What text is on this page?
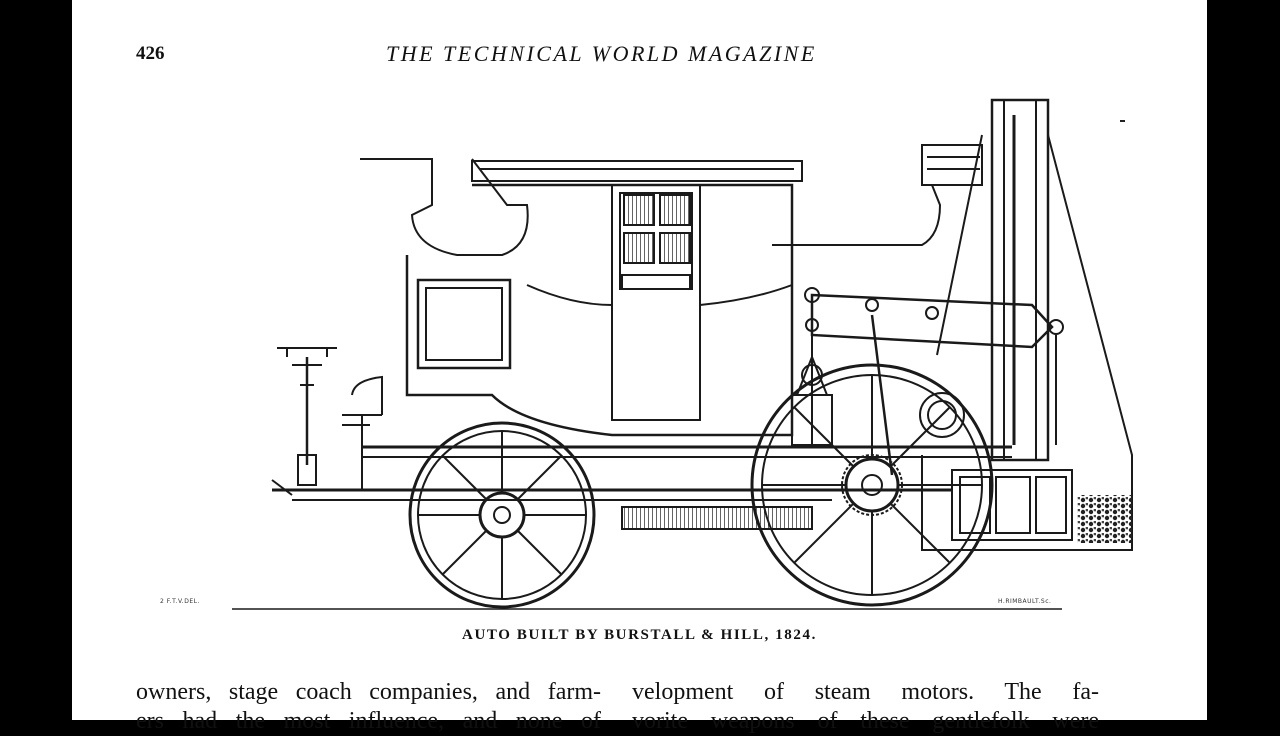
426	THE TECHNICAL WORLD MAGAZINE
2 F.T.V.DEL.	H.RIMBAULT.Sc.
AUTO BUILT BY BURSTALL & HILL, 1824.
owners, stage coach companies, and farm-
ers had the most influence, and none of
velopment of steam motors. The fa-
vorite weapons of these gentlefolk were
